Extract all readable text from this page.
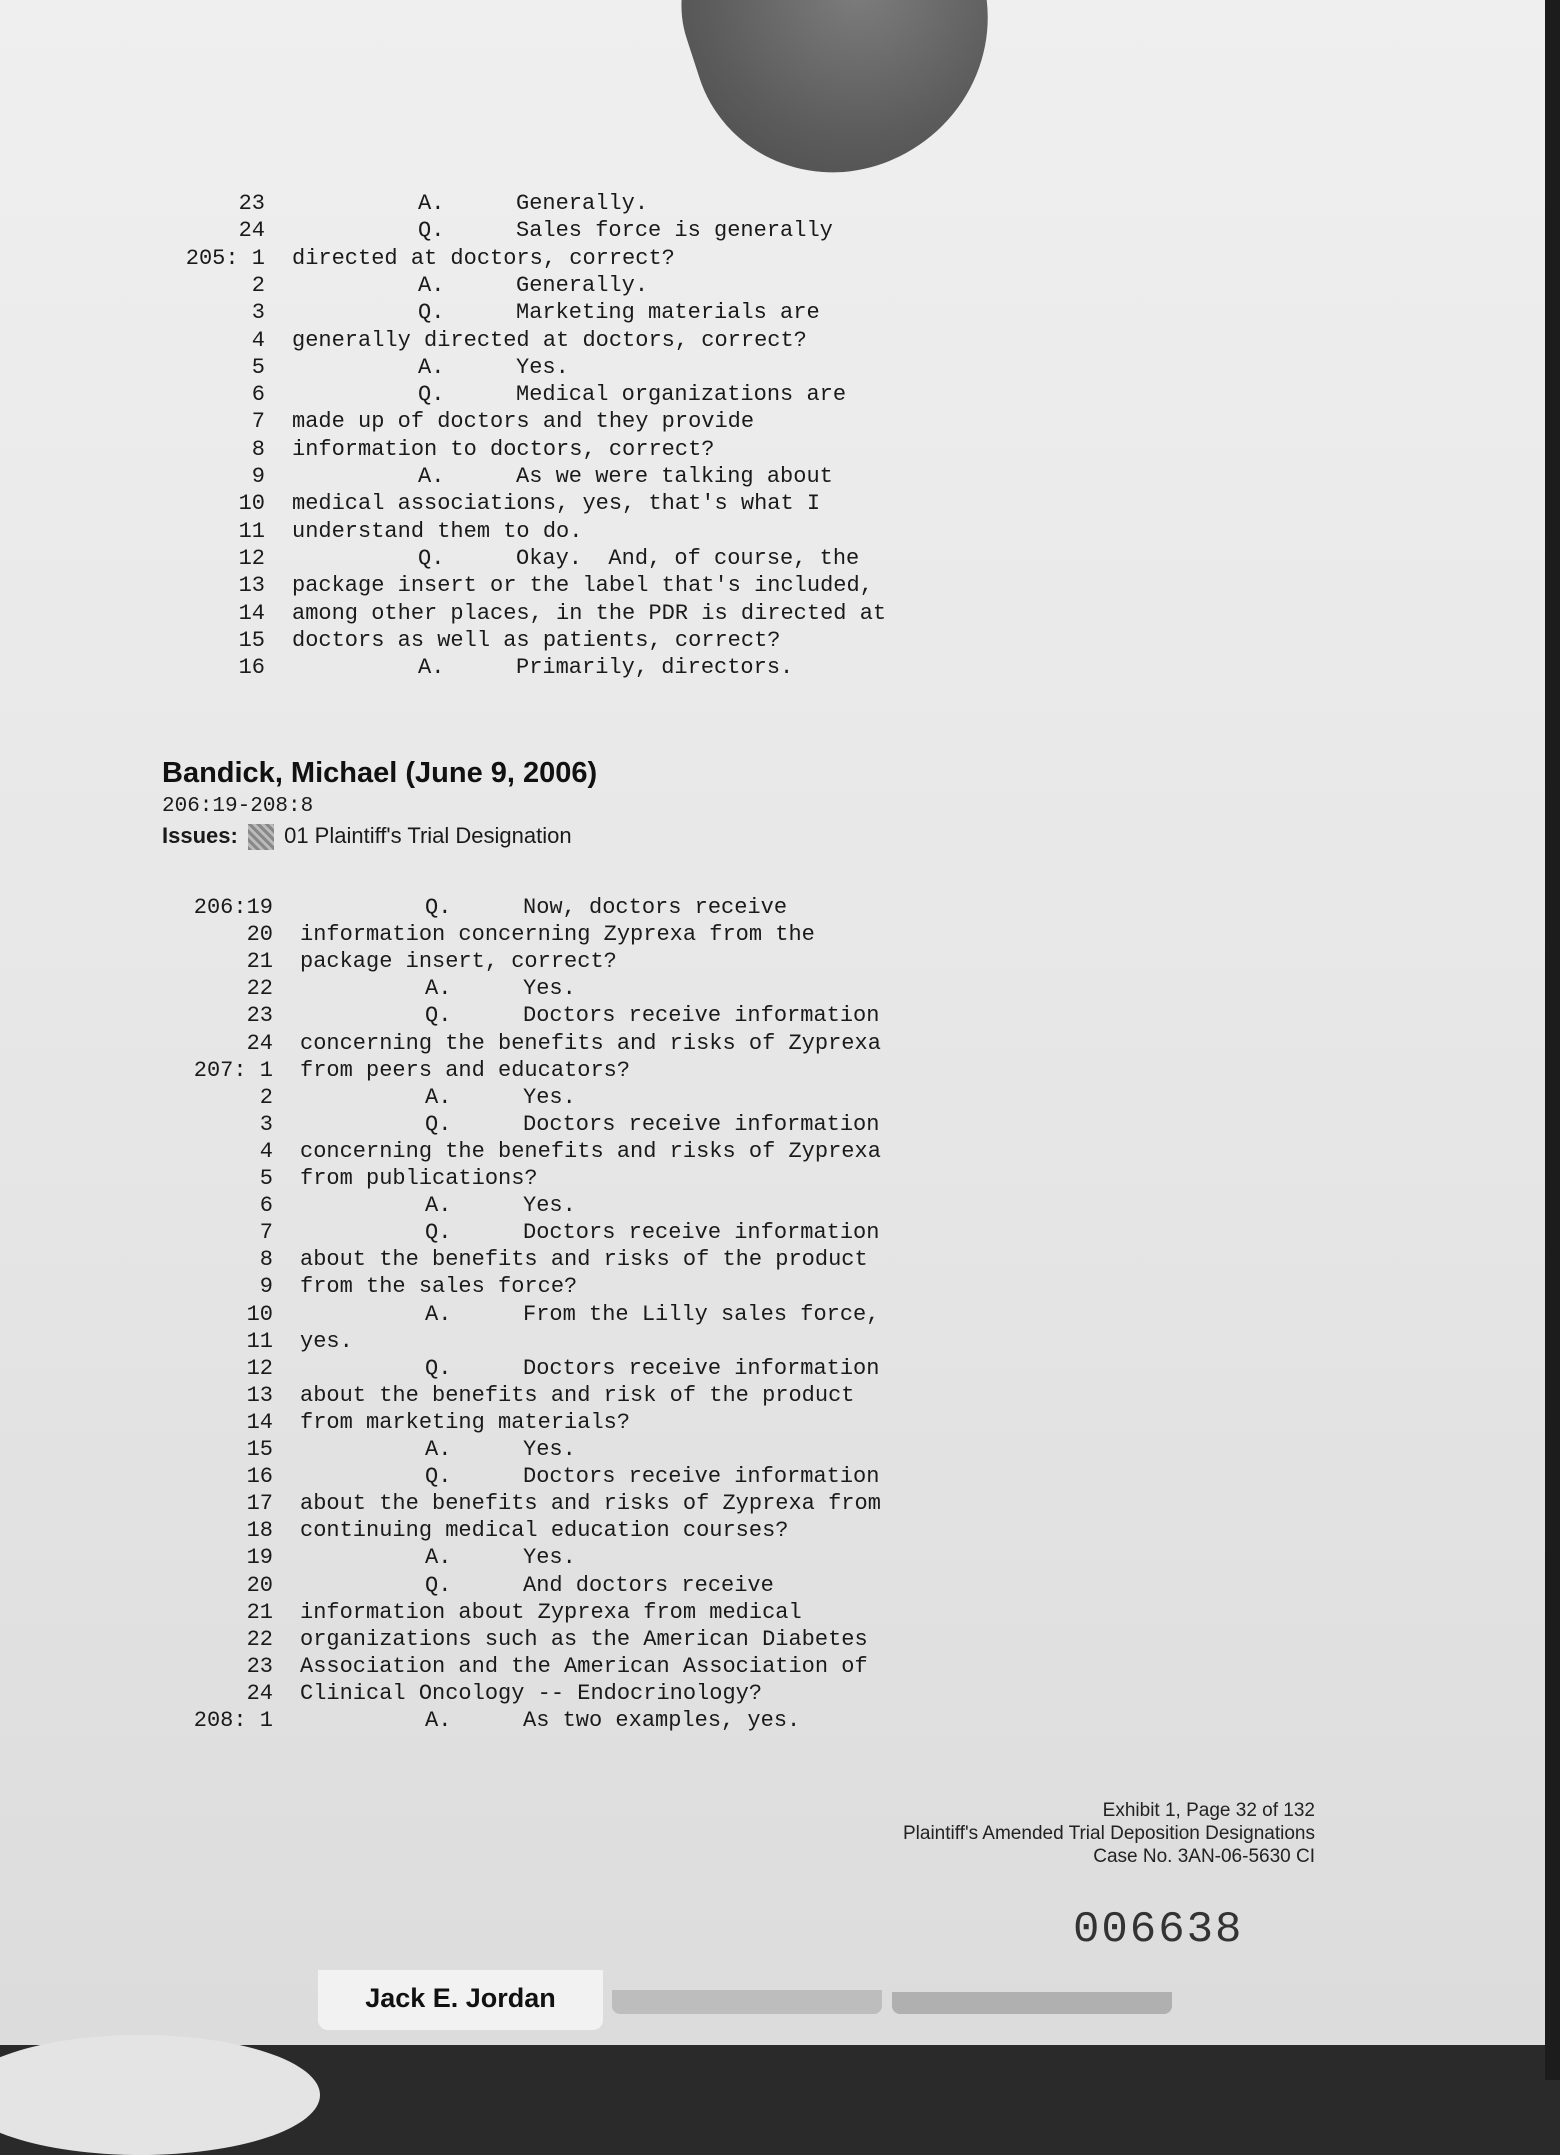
23	A.	Generally.
24	Q.	Sales force is generally
205: 1 directed at doctors, correct?
2	A.	Generally.
3	Q.	Marketing materials are
4 generally directed at doctors, correct?
5	A.	Yes.
6	Q.	Medical organizations are
7 made up of doctors and they provide
8 information to doctors, correct?
9	A.	As we were talking about
10 medical associations, yes, that's what I
11 understand them to do.
12	Q.	Okay.  And, of course, the
13 package insert or the label that's included,
14 among other places, in the PDR is directed at
15 doctors as well as patients, correct?
16	A.	Primarily, directors.
Bandick, Michael (June 9, 2006)
206:19-208:8
Issues: 01 Plaintiff's Trial Designation
206:19	Q.	Now, doctors receive
20 information concerning Zyprexa from the
21 package insert, correct?
22	A.	Yes.
23	Q.	Doctors receive information
24 concerning the benefits and risks of Zyprexa
207: 1 from peers and educators?
2	A.	Yes.
3	Q.	Doctors receive information
4 concerning the benefits and risks of Zyprexa
5 from publications?
6	A.	Yes.
7	Q.	Doctors receive information
8 about the benefits and risks of the product
9 from the sales force?
10	A.	From the Lilly sales force,
11 yes.
12	Q.	Doctors receive information
13 about the benefits and risk of the product
14 from marketing materials?
15	A.	Yes.
16	Q.	Doctors receive information
17 about the benefits and risks of Zyprexa from
18 continuing medical education courses?
19	A.	Yes.
20	Q.	And doctors receive
21 information about Zyprexa from medical
22 organizations such as the American Diabetes
23 Association and the American Association of
24 Clinical Oncology -- Endocrinology?
208: 1	A.	As two examples, yes.
Exhibit 1, Page 32 of 132
Plaintiff's Amended Trial Deposition Designations
Case No. 3AN-06-5630 CI
006638
Jack E. Jordan
